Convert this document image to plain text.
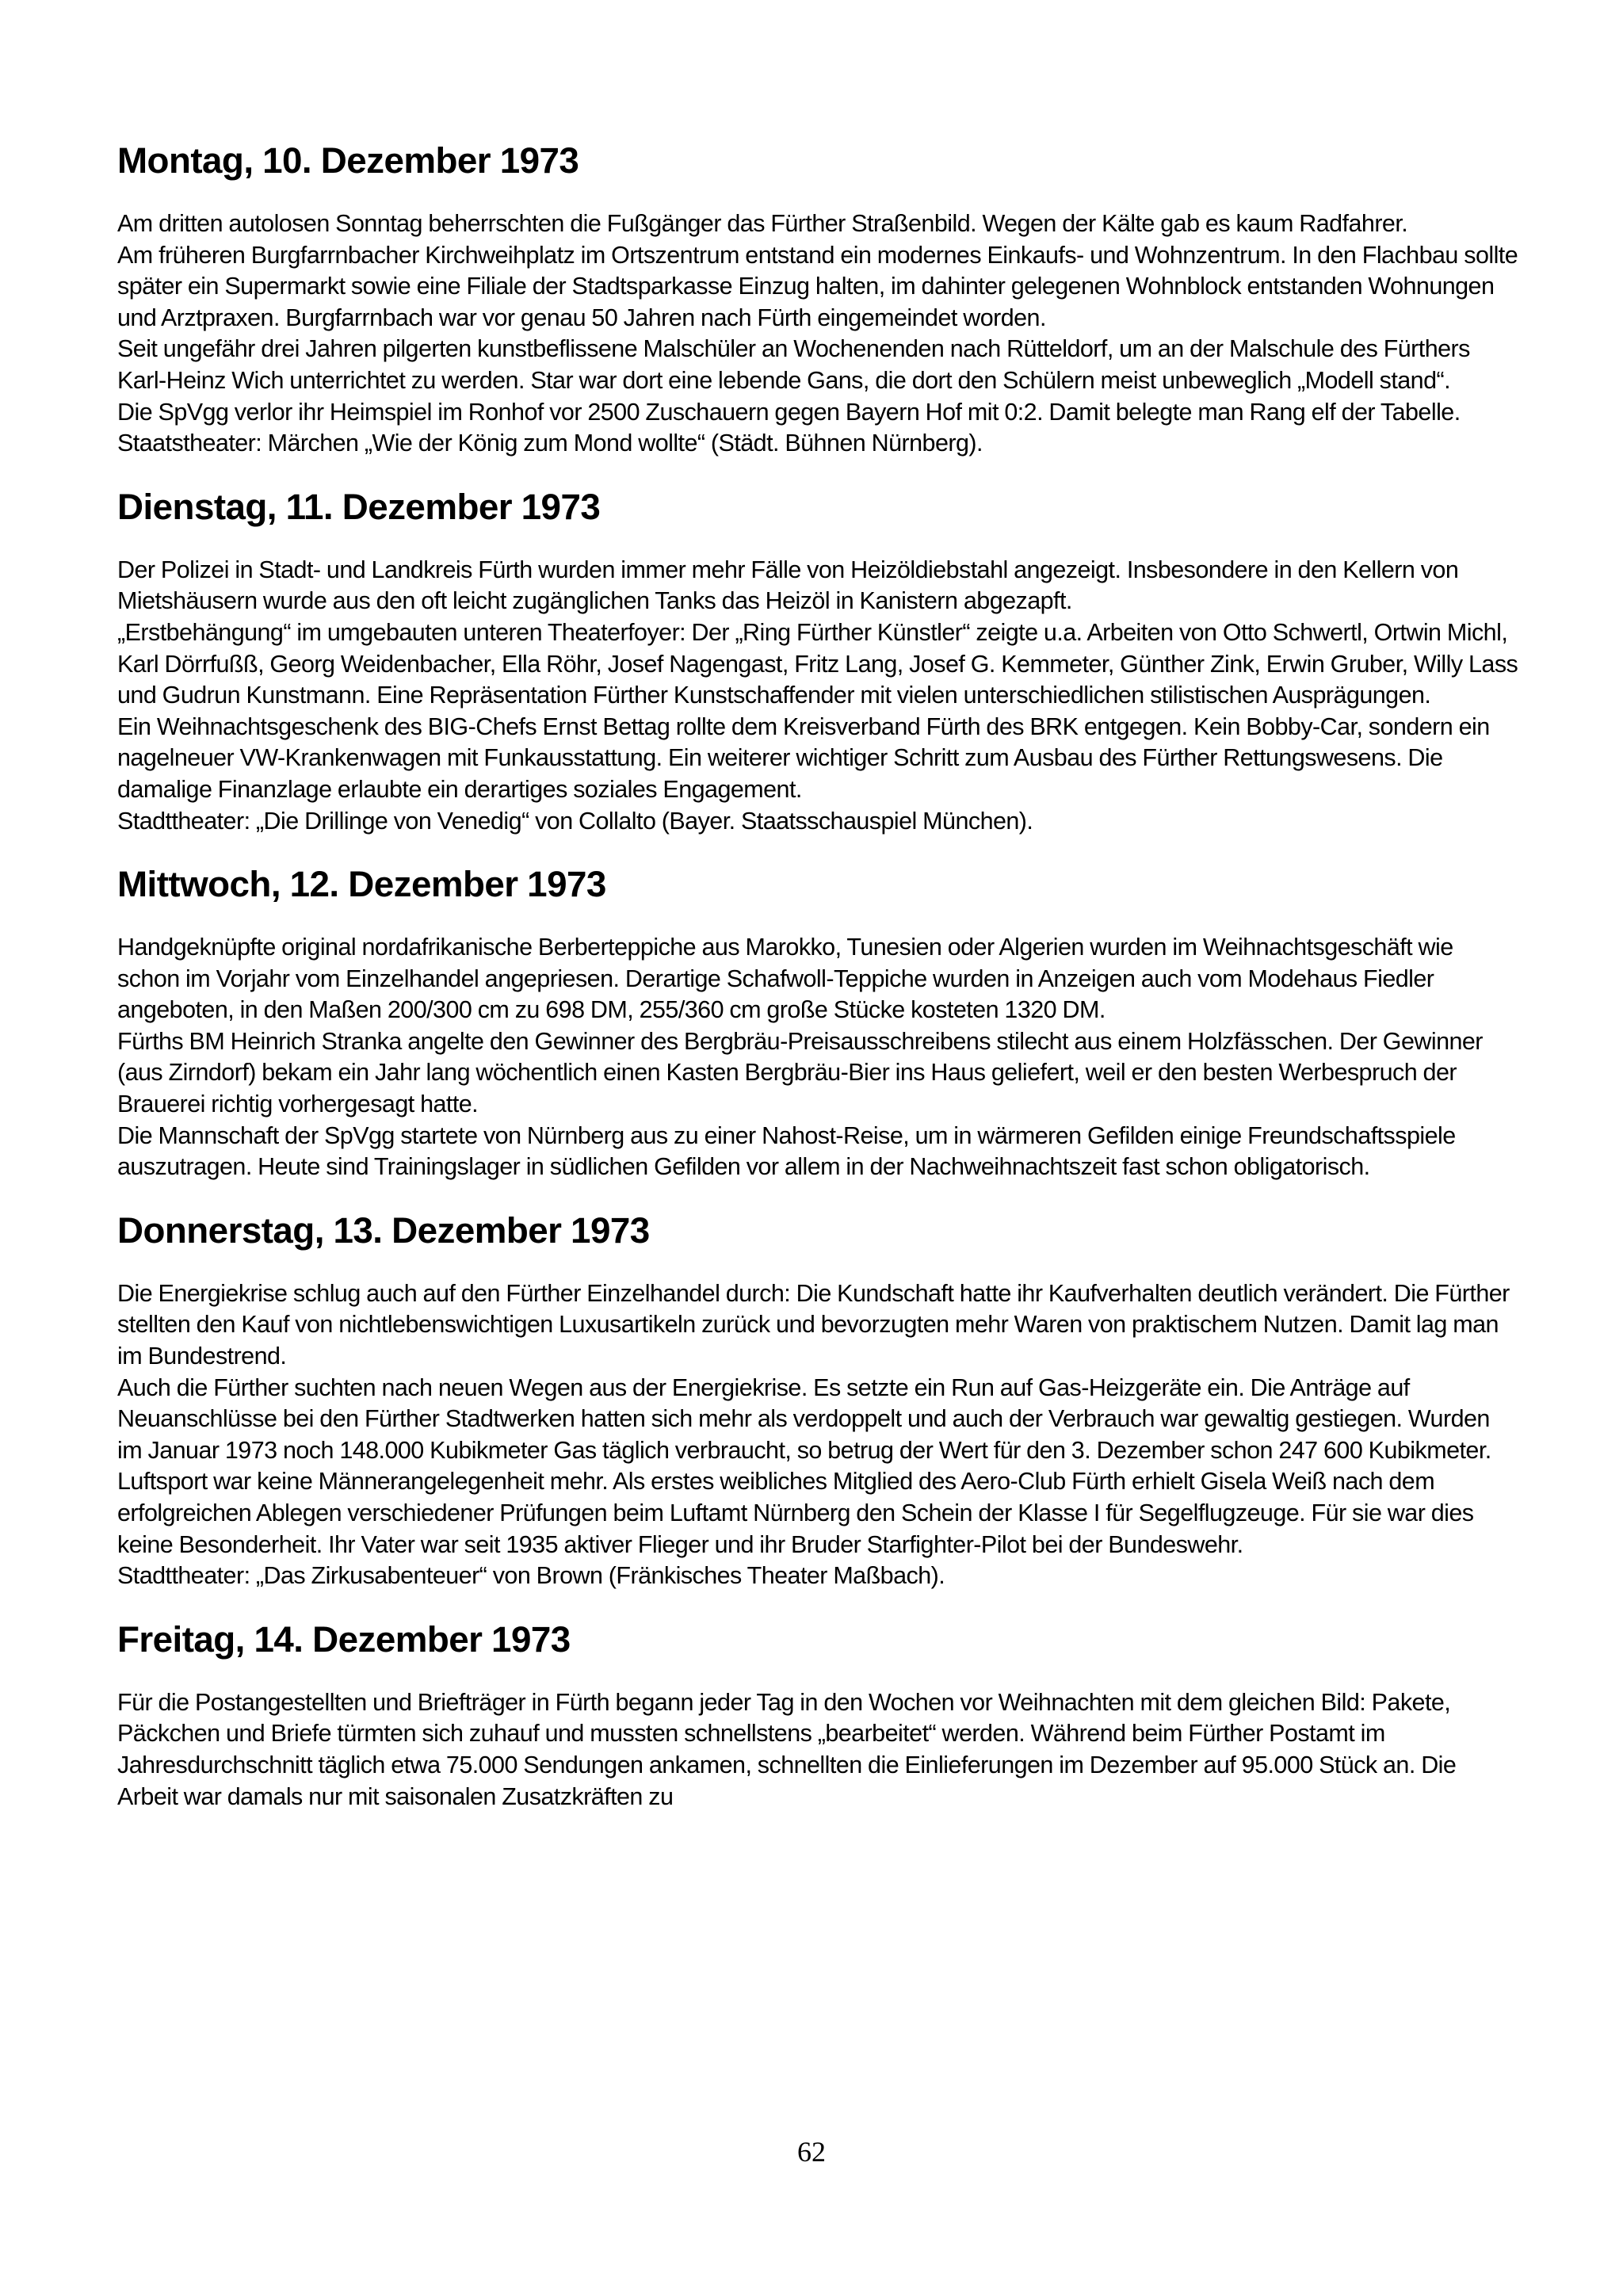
Montag, 10. Dezember 1973

Am dritten autolosen Sonntag beherrschten die Fußgänger das Fürther Straßenbild. Wegen der Kälte gab es kaum Radfahrer.

Am früheren Burgfarrnbacher Kirchweihplatz im Ortszentrum entstand ein modernes Einkaufs- und Wohnzentrum. In den Flachbau sollte später ein Supermarkt sowie eine Filiale der Stadtsparkasse Einzug halten, im dahinter gelegenen Wohnblock entstanden Wohnungen und Arztpraxen. Burgfarrnbach war vor genau 50 Jahren nach Fürth eingemeindet worden.

Seit ungefähr drei Jahren pilgerten kunstbeflissene Malschüler an Wochenenden nach Rütteldorf, um an der Malschule des Fürthers Karl-Heinz Wich unterrichtet zu werden. Star war dort eine lebende Gans, die dort den Schülern meist unbeweglich „Modell stand“.

Die SpVgg verlor ihr Heimspiel im Ronhof vor 2500 Zuschauern gegen Bayern Hof mit 0:2. Damit belegte man Rang elf der Tabelle.

Staatstheater: Märchen „Wie der König zum Mond wollte“ (Städt. Bühnen Nürnberg).

Dienstag, 11. Dezember 1973

Der Polizei in Stadt- und Landkreis Fürth wurden immer mehr Fälle von Heizöldiebstahl angezeigt. Insbesondere in den Kellern von Mietshäusern wurde aus den oft leicht zugänglichen Tanks das Heizöl in Kanistern abgezapft.

„Erstbehängung“ im umgebauten unteren Theaterfoyer: Der „Ring Fürther Künstler“ zeigte u.a. Arbeiten von Otto Schwertl, Ortwin Michl, Karl Dörrfußß, Georg Weidenbacher, Ella Röhr, Josef Nagengast, Fritz Lang, Josef G. Kemmeter, Günther Zink, Erwin Gruber, Willy Lass und Gudrun Kunstmann. Eine Repräsentation Fürther Kunstschaffender mit vielen unterschiedlichen stilistischen Ausprägungen.

Ein Weihnachtsgeschenk des BIG-Chefs Ernst Bettag rollte dem Kreisverband Fürth des BRK entgegen. Kein Bobby-Car, sondern ein nagelneuer VW-Krankenwagen mit Funkausstattung. Ein weiterer wichtiger Schritt zum Ausbau des Fürther Rettungswesens. Die damalige Finanzlage erlaubte ein derartiges soziales Engagement.

Stadttheater: „Die Drillinge von Venedig“ von Collalto (Bayer. Staatsschauspiel München).

Mittwoch, 12. Dezember 1973

Handgeknüpfte original nordafrikanische Berberteppiche aus Marokko, Tunesien oder Algerien wurden im Weihnachtsgeschäft wie schon im Vorjahr vom Einzelhandel angepriesen. Derartige Schafwoll-Teppiche wurden in Anzeigen auch vom Modehaus Fiedler angeboten, in den Maßen 200/300 cm zu 698 DM, 255/360 cm große Stücke kosteten 1320 DM.

Fürths BM Heinrich Stranka angelte den Gewinner des Bergbräu-Preisausschreibens stilecht aus einem Holzfässchen. Der Gewinner (aus Zirndorf) bekam ein Jahr lang wöchentlich einen Kasten Bergbräu-Bier ins Haus geliefert, weil er den besten Werbespruch der Brauerei richtig vorhergesagt hatte.

Die Mannschaft der SpVgg startete von Nürnberg aus zu einer Nahost-Reise, um in wärmeren Gefilden einige Freundschaftsspiele auszutragen. Heute sind Trainingslager in südlichen Gefilden vor allem in der Nachweihnachtszeit fast schon obligatorisch.

Donnerstag, 13. Dezember 1973

Die Energiekrise schlug auch auf den Fürther Einzelhandel durch: Die Kundschaft hatte ihr Kaufverhalten deutlich verändert. Die Fürther stellten den Kauf von nichtlebenswichtigen Luxusartikeln zurück und bevorzugten mehr Waren von praktischem Nutzen. Damit lag man im Bundestrend.

Auch die Fürther suchten nach neuen Wegen aus der Energiekrise. Es setzte ein Run auf Gas-Heizgeräte ein. Die Anträge auf Neuanschlüsse bei den Fürther Stadtwerken hatten sich mehr als verdoppelt und auch der Verbrauch war gewaltig gestiegen. Wurden im Januar 1973 noch 148.000 Kubikmeter Gas täglich verbraucht, so betrug der Wert für den 3. Dezember schon 247 600 Kubikmeter.

Luftsport war keine Männerangelegenheit mehr. Als erstes weibliches Mitglied des Aero-Club Fürth erhielt Gisela Weiß nach dem erfolgreichen Ablegen verschiedener Prüfungen beim Luftamt Nürnberg den Schein der Klasse I für Segelflugzeuge. Für sie war dies keine Besonderheit. Ihr Vater war seit 1935 aktiver Flieger und ihr Bruder Starfighter-Pilot bei der Bundeswehr.

Stadttheater: „Das Zirkusabenteuer“ von Brown (Fränkisches Theater Maßbach).

Freitag, 14. Dezember 1973

Für die Postangestellten und Briefträger in Fürth begann jeder Tag in den Wochen vor Weihnachten mit dem gleichen Bild: Pakete, Päckchen und Briefe türmten sich zuhauf und mussten schnellstens „bearbeitet“ werden. Während beim Fürther Postamt im Jahresdurchschnitt täglich etwa 75.000 Sendungen ankamen, schnellten die Einlieferungen im Dezember auf 95.000 Stück an. Die Arbeit war damals nur mit saisonalen Zusatzkräften zu

62
